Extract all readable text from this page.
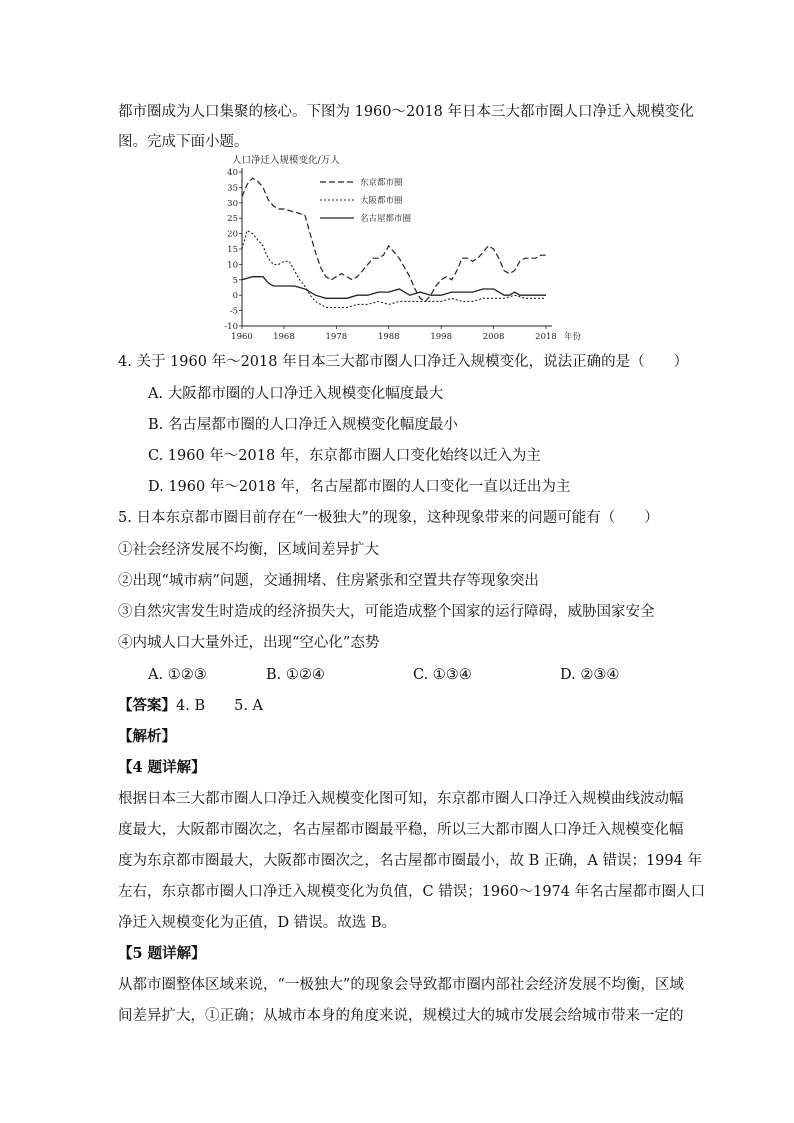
都市圈成为人口集聚的核心。下图为 1960～2018 年日本三大都市圈人口净迁入规模变化
图。完成下面小题。
人口净迁入规模变化/万人
40
35
30
25
20
15
10
5
0
-5
-10
1960 1968	1978	1988	1998	2008	2018 年份
东京都市圈
大阪都市圈
名古屋都市圈
4. 关于 1960 年～2018 年日本三大都市圈人口净迁入规模变化，说法正确的是（　　）
A. 大阪都市圈的人口净迁入规模变化幅度最大
B. 名古屋都市圈的人口净迁入规模变化幅度最小
C. 1960 年～2018 年，东京都市圈人口变化始终以迁入为主
D. 1960 年～2018 年，名古屋都市圈的人口变化一直以迁出为主
5. 日本东京都市圈目前存在“一极独大”的现象，这种现象带来的问题可能有（　　）
①社会经济发展不均衡，区域间差异扩大
②出现“城市病”问题，交通拥堵、住房紧张和空置共存等现象突出
③自然灾害发生时造成的经济损失大，可能造成整个国家的运行障碍，威胁国家安全
④内城人口大量外迁，出现“空心化”态势
A. ①②③	B. ①②④	C. ①③④	D. ②③④
【答案】4. B　　5. A
【解析】
【4 题详解】
根据日本三大都市圈人口净迁入规模变化图可知，东京都市圈人口净迁入规模曲线波动幅
度最大，大阪都市圈次之，名古屋都市圈最平稳，所以三大都市圈人口净迁入规模变化幅
度为东京都市圈最大，大阪都市圈次之，名古屋都市圈最小，故 B 正确，A 错误；1994 年
左右，东京都市圈人口净迁入规模变化为负值，C 错误；1960～1974 年名古屋都市圈人口
净迁入规模变化为正值，D 错误。故选 B。
【5 题详解】
从都市圈整体区域来说，“一极独大”的现象会导致都市圈内部社会经济发展不均衡，区域
间差异扩大，①正确；从城市本身的角度来说，规模过大的城市发展会给城市带来一定的
